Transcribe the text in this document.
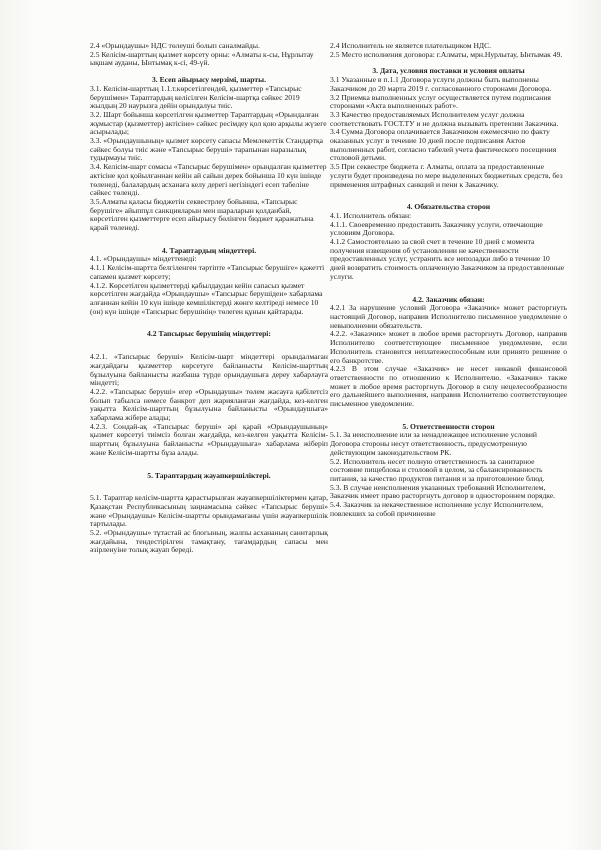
2.4 «Орындаушы» НДС төлеуші болып саналмайды.

2.5 Келісім-шарттың қызмет көрсету орны: «Алматы к-сы, Нұрлытау ықшам ауданы, Ынтымақ к-сі, 49-үй.

3. Есеп айырысу мерзімі, шарты.

3.1. Келісім-шарттың 1.1.т.көрсетілгендей, қызметтер «Тапсырыс берушімен» Тараптардың келісілген Келісім-шартқа сәйкес 2019 жылдың 20 наурызға дейін орындалуы тиіс.

3.2. Шарт бойынша көрсетілген қызметтер Тараптардың «Орындалған жұмыстар (қызметтер) актісіне» сәйкес ресімдеу қол қою арқылы жүзеге асырылады;

3.3. «Орындаушының» қызмет көрсету сапасы Мемлекеттік Стандартқа сәйкес болуы тиіс және «Тапсырыс берушi» тарапынан наразылық тудырмауы тиіс.

3.4. Келісім-шарт сомасы «Тапсырыс берушімен» орындалған қызметтер актісіне қол қойылғаннан кейін ай сайын дерек бойынша 10 күн ішінде төленеді, балалардың асханаға келу дерегі негізіндегі есеп табеліне сәйкес төленді.

3.5.Алматы қаласы бюджетін секвестрлеу бойынша, «Тапсырыс берушіге» айыппұл санкцияларын мен шараларын қолданбай, көрсетілген қызметтерге есеп айырысу бөлінген бюджет қаражатына қарай төленеді.

4. Тараптардың міндеттері.

4.1. «Орындаушы» міндеттенеді:

4.1.1 Келісім-шартта белгіленген тәртіпте «Тапсырыс берушіге» қажетті сапамен қызмет көрсету;

4.1.2. Көрсетілген қызметтерді қабылдаудан кейін сапасыз қызмет көрсетілген жағдайда «Орындаушы» «Тапсырыс берушіден» хабарлама алғаннан кейін 10 күн ішінде кемшіліктерді жөнге келтіреді немесе 10 (он) күн ішінде «Тапсырыс берушінің» төлеген құнын қайтарады.

4.2 Тапсырыс берушінің міндеттері:

4.2.1. «Тапсырыс беруші» Келісім-шарт міндеттері орындалмаған жағдайдағы қызметтер көрсетуге байланысты Келісім-шарттың бұзылуына байланысты жазбаша түрде орындаушыға дереу хабарлауға міндетті;

4.2.2. «Тапсырыс беруші» егер «Орындаушы» төлем жасауға қабілетсіз болып табылса немесе банкрот деп жарияланған жағдайда, кез-келген уақытта Келісім-шарттың бұзылуына байланысты «Орындаушыға» хабарлама жібере алады;

4.2.3. Сондай-ақ «Тапсырыс беруші» әрі қарай «Орындаушының» қызмет көрсетуі тиімсіз болған жағдайда, кез-келген уақытта Келісім-шарттың бұзылуына байланысты «Орындаушыға» хабарлама жіберіп және Келісім-шартты бұза алады.

5. Тараптардың жауапкершіліктері.

5.1. Тараптар келісім-шартта қарастырылған жауапкершіліктермен қатар, Қазақстан Республикасының заңнамасына сәйкес «Тапсырыс беруші» және «Орындаушы» Келісім-шартты орындамағаны үшін жауапкершілік тартылады.

5.2. «Орындаушы» тұтастай ас блогының, жалпы асхананың санитарлық жағдайына, тендестірілген тамақтану, тағамдардың сапасы мен әзірленуіне толық жауап береді.

2.4 Исполнитель не является плательщиком НДС.

2.5 Место исполнения договора: г.Алматы, мрн.Нурлытау, Ынтымак 49.

3. Дата, условия поставки и условия оплаты

3.1 Указанные в п.1.1 Договора услуги должны быть выполнены Заказчиком до 20 марта 2019 г. согласованного сторонами Договора.

3.2 Приемка выполненных услуг осуществляется путем подписания сторонами «Акта выполненных работ».

3.3 Качество предоставляемых Исполнителем услуг должна соответствовать ГОСТ.ТУ и не должна вызывать претензии Заказчика.

3.4 Сумма Договора оплачивается Заказчиком ежемесячно по факту оказанных услуг в течение 10 дней после подписания Актов выполненных работ, согласно табелей учета фактического посещения столовой детьми.

3.5 При секвестре бюджета г. Алматы, оплата за предоставленные услуги будет произведена по мере выделенных бюджетных средств, без применения штрафных санкций и пени к Заказчику.

4. Обязательства сторон

4.1. Исполнитель обязан:

4.1.1. Своевременно предоставить Заказчику услуги, отвечающие условиям Договора.

4.1.2 Самостоятельно за свой счет в течение 10 дней с момента получения извещения об установлении не качественности предоставленных услуг, устранить все неполадки либо в течение 10 дней возвратить стоимость оплаченную Заказчиком за предоставленные услуги.

4.2. Заказчик обязан:

4.2.1 За нарушение условий Договора «Заказчик» может расторгнуть настоящий Договор, направив Исполнителю письменное уведомление о невыполнении обязательств.

4.2.2. «Заказчик» может в любое время расторгнуть Договор, направив Исполнителю соответствующее письменное уведомление, если Исполнитель становится неплатежеспособным или принято решение о его банкротстве.

4.2.3 В этом случае «Заказчик» не несет никакой финансовой ответственности по отношению к Исполнителю. «Заказчик» также может в любое время расторгнуть Договор в силу нецелесообразности его дальнейшего выполнения, направив Исполнителю соответствующее письменное уведомление.

5. Ответственности сторон

5.1. За неисполнение или за ненадлежащее исполнение условий Договора стороны несут ответственность, предусмотренную действующим законодательством РК.

5.2. Исполнитель несет полную ответственность за санитарное состояние пищеблока и столовой в целом, за сбалансированность питания, за качество продуктов питания и за приготовление блюд.

5.3. В случае неисполнения указанных требований Исполнителем, Заказчик имеет право расторгнуть договор в одностороннем порядке.

5.4. Заказчик за некачественное исполнение услуг Исполнителем, повлекших за собой причинение
